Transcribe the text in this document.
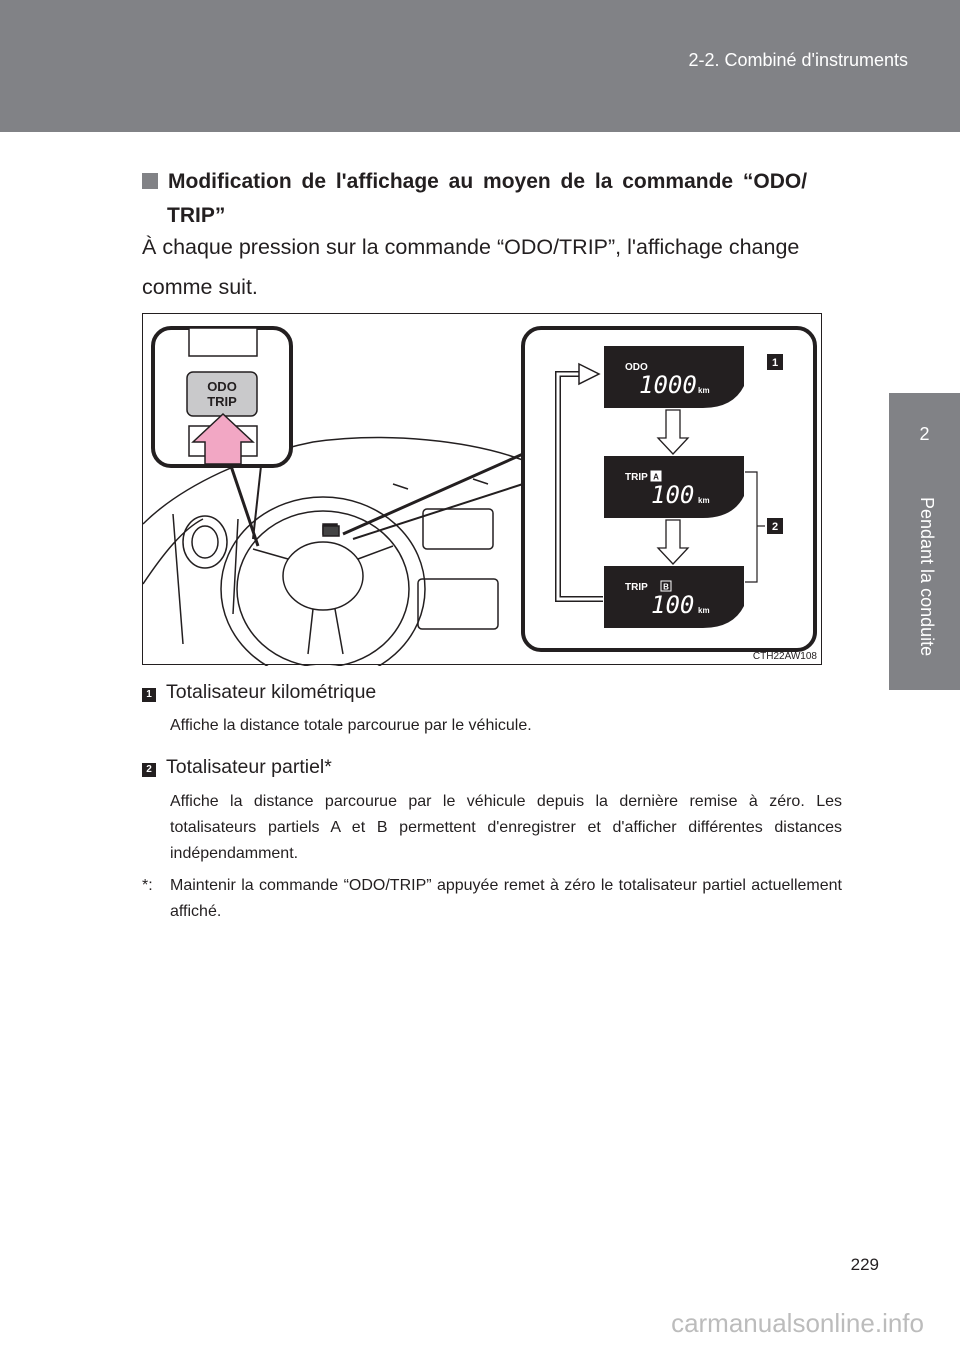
2-2. Combiné d'instruments
2
Pendant la conduite
Modification de l'affichage au moyen de la commande “ODO/
TRIP”
À chaque pression sur la commande “ODO/TRIP”, l'affichage change
comme suit.
ODO
1000 km
TRIP A
100 km
TRIP B
100 km
1
2
ODO
TRIP
CTH22AW108
1 Totalisateur kilométrique
Affiche la distance totale parcourue par le véhicule.
2 Totalisateur partiel*
Affiche la distance parcourue par le véhicule depuis la dernière remise à zéro. Les totalisateurs partiels A et B permettent d'enregistrer et d'afficher différentes distances indépendamment.
*: Maintenir la commande “ODO/TRIP” appuyée remet à zéro le totalisateur partiel actuellement affiché.
229
carmanualsonline.info
